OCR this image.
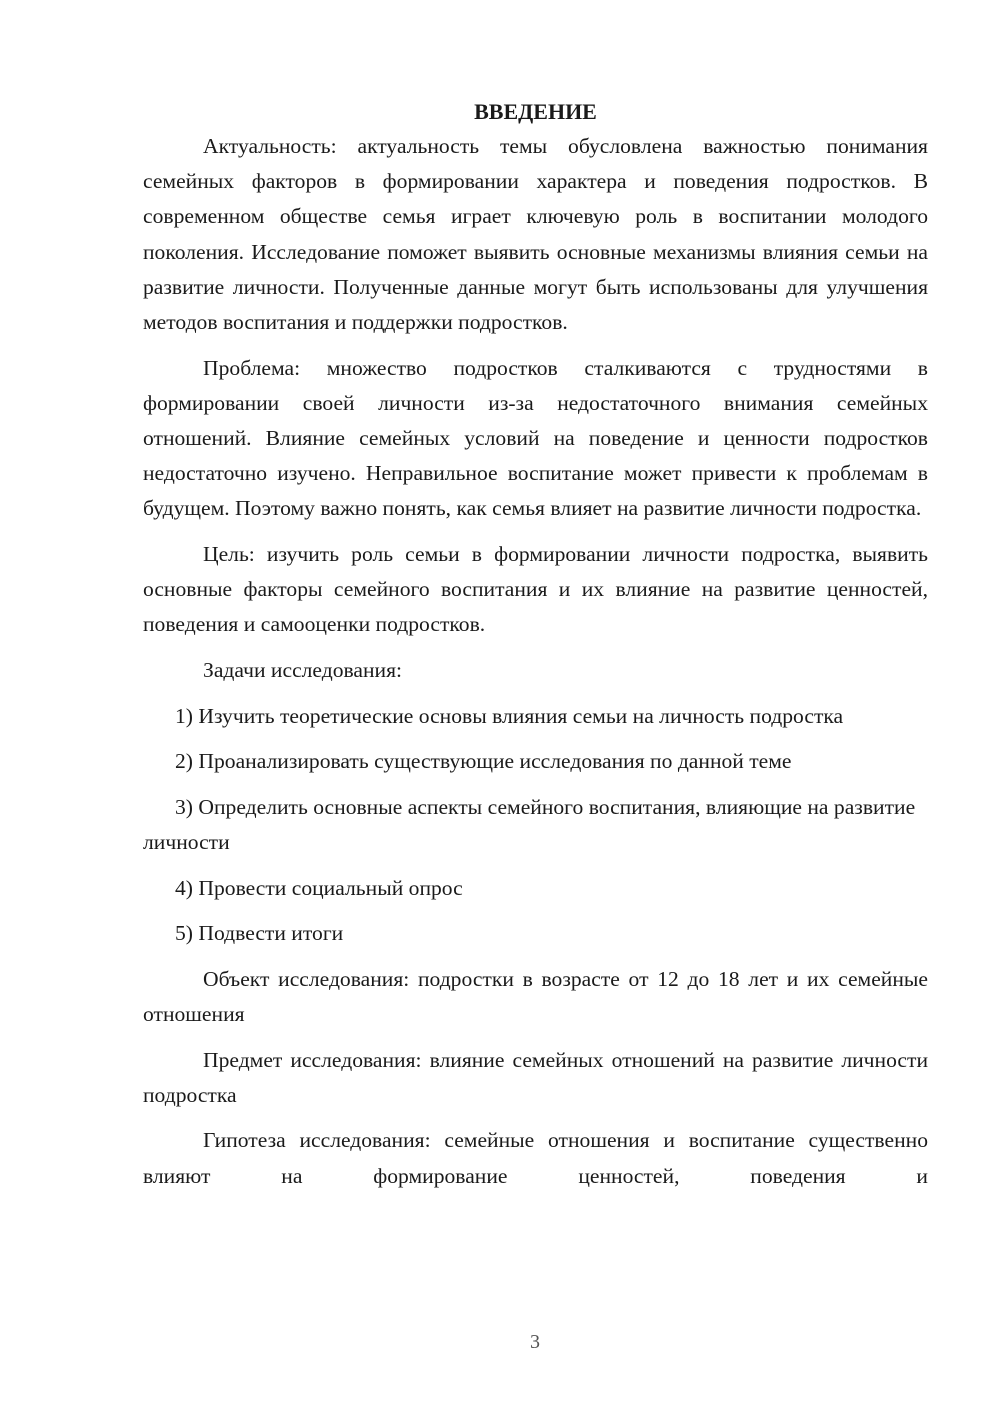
ВВЕДЕНИЕ

Актуальность: актуальность темы обусловлена важностью понимания семейных факторов в формировании характера и поведения подростков. В современном обществе семья играет ключевую роль в воспитании молодого поколения. Исследование поможет выявить основные механизмы влияния семьи на развитие личности. Полученные данные могут быть использованы для улучшения методов воспитания и поддержки подростков.

Проблема: множество подростков сталкиваются с трудностями в формировании своей личности из-за недостаточного внимания семейных отношений. Влияние семейных условий на поведение и ценности подростков недостаточно изучено. Неправильное воспитание может привести к проблемам в будущем. Поэтому важно понять, как семья влияет на развитие личности подростка.

Цель: изучить роль семьи в формировании личности подростка, выявить основные факторы семейного воспитания и их влияние на развитие ценностей, поведения и самооценки подростков.

Задачи исследования:

1) Изучить теоретические основы влияния семьи на личность подростка

2) Проанализировать существующие исследования по данной теме

3) Определить основные аспекты семейного воспитания, влияющие на развитие личности

4) Провести социальный опрос

5) Подвести итоги

Объект исследования: подростки в возрасте от 12 до 18 лет и их семейные отношения

Предмет исследования: влияние семейных отношений на развитие личности подростка

Гипотеза исследования: семейные отношения и воспитание существенно влияют на формирование ценностей, поведения и

3
